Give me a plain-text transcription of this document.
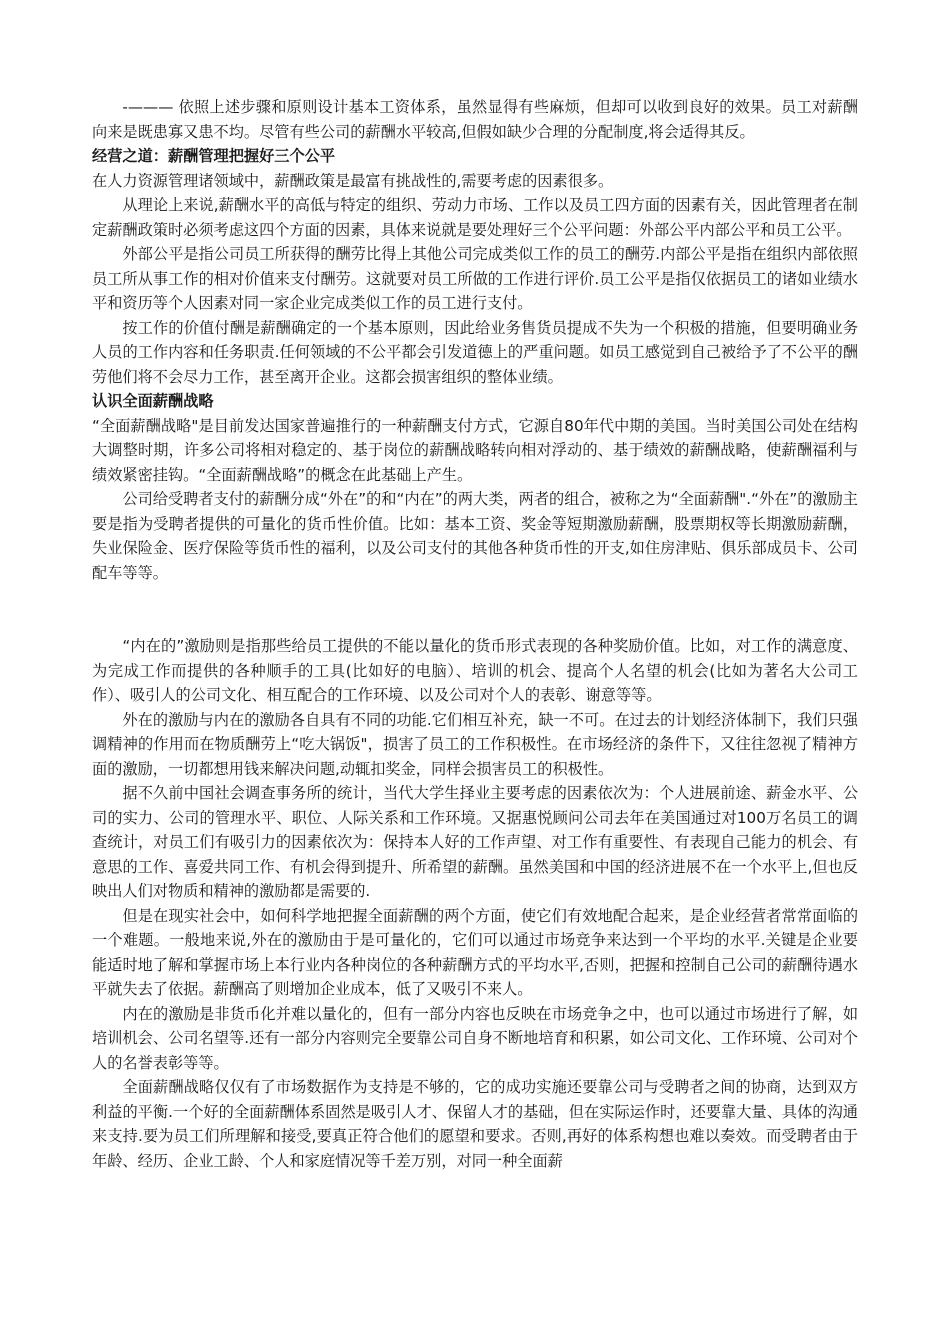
-——— 依照上述步骤和原则设计基本工资体系，虽然显得有些麻烦，但却可以收到良好的效果。员工对薪酬向来是既患寡又患不均。尽管有些公司的薪酬水平较高,但假如缺少合理的分配制度,将会适得其反。

经营之道：薪酬管理把握好三个公平

在人力资源管理诸领域中，薪酬政策是最富有挑战性的,需要考虑的因素很多。

从理论上来说,薪酬水平的高低与特定的组织、劳动力市场、工作以及员工四方面的因素有关，因此管理者在制定薪酬政策时必须考虑这四个方面的因素，具体来说就是要处理好三个公平问题：外部公平内部公平和员工公平。

外部公平是指公司员工所获得的酬劳比得上其他公司完成类似工作的员工的酬劳.内部公平是指在组织内部依照员工所从事工作的相对价值来支付酬劳。这就要对员工所做的工作进行评价.员工公平是指仅依据员工的诸如业绩水平和资历等个人因素对同一家企业完成类似工作的员工进行支付。

按工作的价值付酬是薪酬确定的一个基本原则，因此给业务售货员提成不失为一个积极的措施，但要明确业务人员的工作内容和任务职责.任何领域的不公平都会引发道德上的严重问题。如员工感觉到自己被给予了不公平的酬劳他们将不会尽力工作，甚至离开企业。这都会损害组织的整体业绩。

认识全面薪酬战略

“全面薪酬战略"是目前发达国家普遍推行的一种薪酬支付方式，它源自80年代中期的美国。当时美国公司处在结构大调整时期，许多公司将相对稳定的、基于岗位的薪酬战略转向相对浮动的、基于绩效的薪酬战略，使薪酬福利与绩效紧密挂钩。“全面薪酬战略”的概念在此基础上产生。

公司给受聘者支付的薪酬分成“外在”的和“内在”的两大类，两者的组合，被称之为“全面薪酬".“外在”的激励主要是指为受聘者提供的可量化的货币性价值。比如：基本工资、奖金等短期激励薪酬，股票期权等长期激励薪酬，失业保险金、医疗保险等货币性的福利，以及公司支付的其他各种货币性的开支,如住房津贴、俱乐部成员卡、公司配车等等。

“内在的”激励则是指那些给员工提供的不能以量化的货币形式表现的各种奖励价值。比如，对工作的满意度、为完成工作而提供的各种顺手的工具(比如好的电脑）、培训的机会、提高个人名望的机会(比如为著名大公司工作）、吸引人的公司文化、相互配合的工作环境、以及公司对个人的表彰、谢意等等。

外在的激励与内在的激励各自具有不同的功能.它们相互补充，缺一不可。在过去的计划经济体制下，我们只强调精神的作用而在物质酬劳上“吃大锅饭"，损害了员工的工作积极性。在市场经济的条件下，又往往忽视了精神方面的激励，一切都想用钱来解决问题,动辄扣奖金，同样会损害员工的积极性。

据不久前中国社会调查事务所的统计，当代大学生择业主要考虑的因素依次为：个人进展前途、薪金水平、公司的实力、公司的管理水平、职位、人际关系和工作环境。又据惠悦顾问公司去年在美国通过对100万名员工的调查统计，对员工们有吸引力的因素依次为：保持本人好的工作声望、对工作有重要性、有表现自己能力的机会、有意思的工作、喜爱共同工作、有机会得到提升、所希望的薪酬。虽然美国和中国的经济进展不在一个水平上,但也反映出人们对物质和精神的激励都是需要的.

但是在现实社会中，如何科学地把握全面薪酬的两个方面，使它们有效地配合起来，是企业经营者常常面临的一个难题。一般地来说,外在的激励由于是可量化的，它们可以通过市场竞争来达到一个平均的水平.关键是企业要能适时地了解和掌握市场上本行业内各种岗位的各种薪酬方式的平均水平,否则，把握和控制自己公司的薪酬待遇水平就失去了依据。薪酬高了则增加企业成本，低了又吸引不来人。

内在的激励是非货币化并难以量化的，但有一部分内容也反映在市场竞争之中，也可以通过市场进行了解，如培训机会、公司名望等.还有一部分内容则完全要靠公司自身不断地培育和积累，如公司文化、工作环境、公司对个人的名誉表彰等等。

全面薪酬战略仅仅有了市场数据作为支持是不够的，它的成功实施还要靠公司与受聘者之间的协商，达到双方利益的平衡.一个好的全面薪酬体系固然是吸引人才、保留人才的基础，但在实际运作时，还要靠大量、具体的沟通来支持.要为员工们所理解和接受,要真正符合他们的愿望和要求。否则,再好的体系构想也难以奏效。而受聘者由于年龄、经历、企业工龄、个人和家庭情况等千差万别，对同一种全面薪
